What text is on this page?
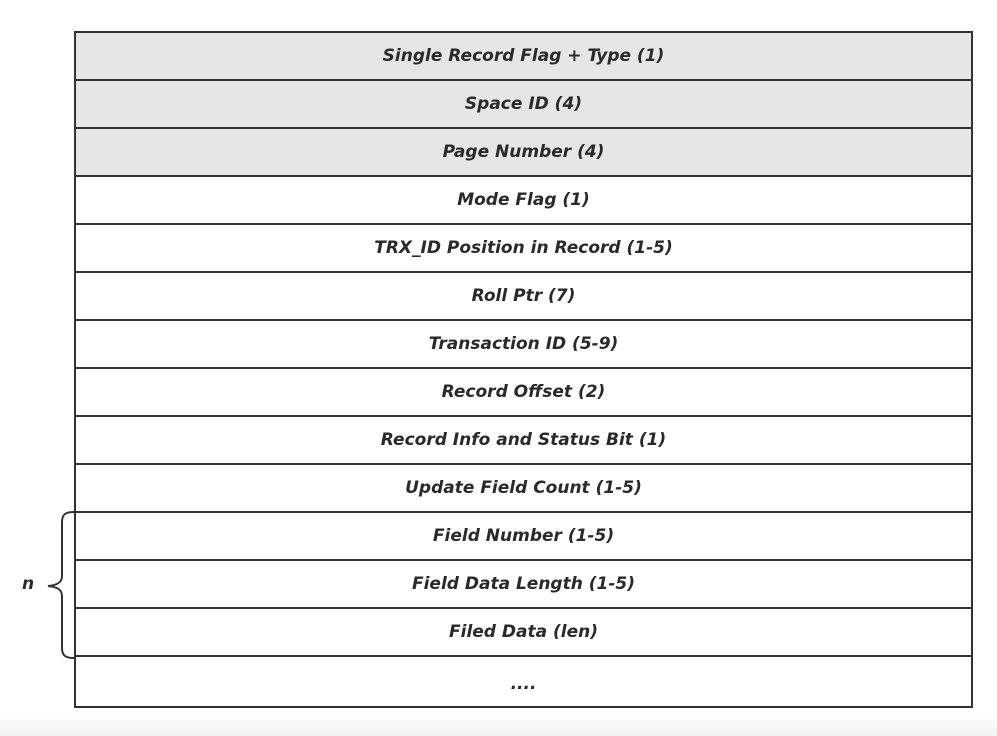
Single Record Flag + Type (1)
Space ID (4)
Page Number (4)
Mode Flag (1)
TRX_ID Position in Record (1-5)
Roll Ptr (7)
Transaction ID (5-9)
Record Offset (2)
Record Info and Status Bit (1)
Update Field Count (1-5)
Field Number (1-5)
Field Data Length (1-5)
Filed Data (len)
....
n
